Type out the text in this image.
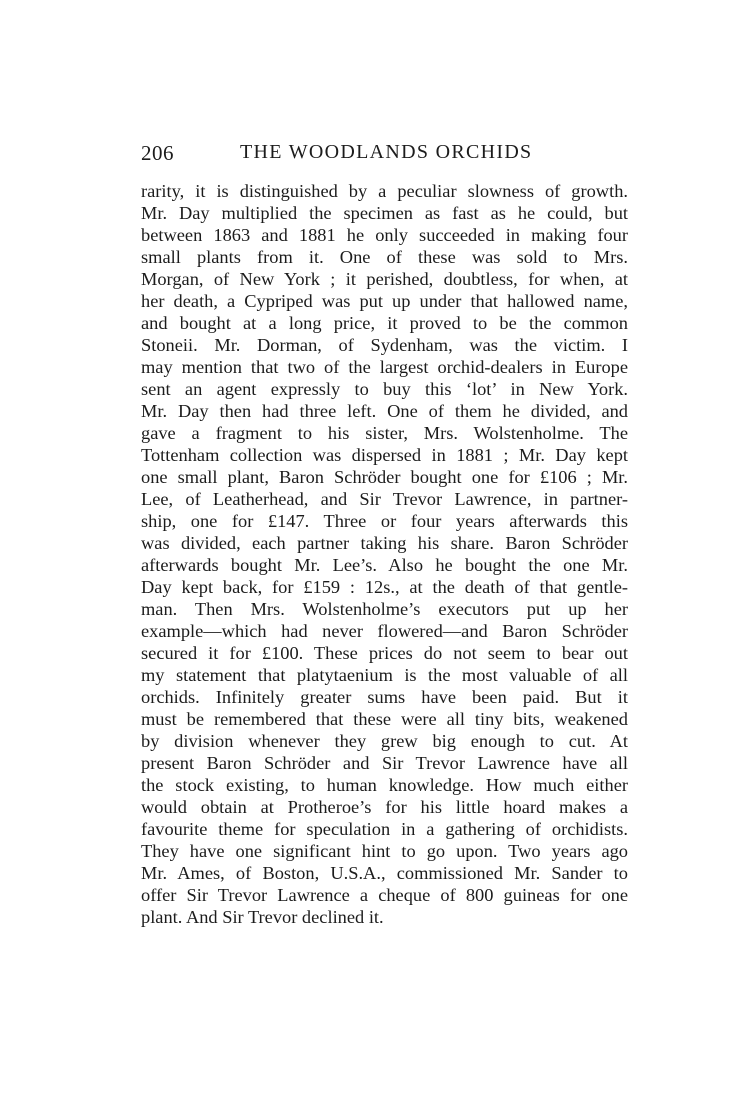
206	THE WOODLANDS ORCHIDS
rarity, it is distinguished by a peculiar slowness of growth.
Mr. Day multiplied the specimen as fast as he could, but
between 1863 and 1881 he only succeeded in making four
small plants from it. One of these was sold to Mrs.
Morgan, of New York ; it perished, doubtless, for when, at
her death, a Cypriped was put up under that hallowed name,
and bought at a long price, it proved to be the common
Stoneii. Mr. Dorman, of Sydenham, was the victim. I
may mention that two of the largest orchid-dealers in Europe
sent an agent expressly to buy this ‘lot’ in New York.
Mr. Day then had three left. One of them he divided, and
gave a fragment to his sister, Mrs. Wolstenholme. The
Tottenham collection was dispersed in 1881 ; Mr. Day kept
one small plant, Baron Schröder bought one for £106 ; Mr.
Lee, of Leatherhead, and Sir Trevor Lawrence, in partner-
ship, one for £147. Three or four years afterwards this
was divided, each partner taking his share. Baron Schröder
afterwards bought Mr. Lee’s. Also he bought the one Mr.
Day kept back, for £159 : 12s., at the death of that gentle-
man. Then Mrs. Wolstenholme’s executors put up her
example—which had never flowered—and Baron Schröder
secured it for £100. These prices do not seem to bear out
my statement that platytaenium is the most valuable of all
orchids. Infinitely greater sums have been paid. But it
must be remembered that these were all tiny bits, weakened
by division whenever they grew big enough to cut. At
present Baron Schröder and Sir Trevor Lawrence have all
the stock existing, to human knowledge. How much either
would obtain at Protheroe’s for his little hoard makes a
favourite theme for speculation in a gathering of orchidists.
They have one significant hint to go upon. Two years ago
Mr. Ames, of Boston, U.S.A., commissioned Mr. Sander to
offer Sir Trevor Lawrence a cheque of 800 guineas for one
plant. And Sir Trevor declined it.
